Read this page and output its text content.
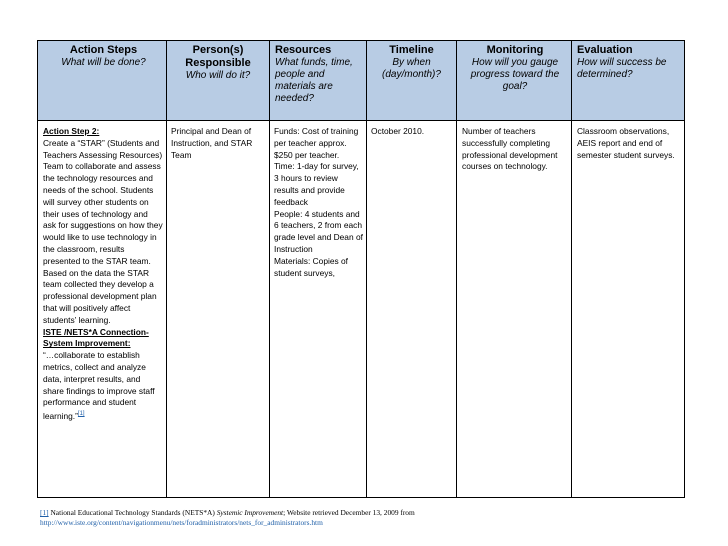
Action Steps
What will be done?
Person(s) Responsible
Who will do it?
Resources
What funds, time, people and materials are needed?
Timeline
By when (day/month)?
Monitoring
How will you gauge progress toward the goal?
Evaluation
How will success be determined?
Action Step 2:
Create a “STAR” (Students and Teachers Assessing Resources) Team to collaborate and assess the technology resources and needs of the school. Students will survey other students on their uses of technology and ask for suggestions on how they would like to use technology in the classroom, results presented to the STAR team. Based on the data the STAR team collected they develop a professional development plan that will positively affect students’ learning.
ISTE /NETS*A Connection-System Improvement:
“…collaborate to establish metrics, collect and analyze data, interpret results, and share findings to improve staff performance and student learning.”[1]
Principal and Dean of Instruction, and STAR Team
Funds: Cost of training per teacher approx. $250 per teacher.
Time: 1-day for survey, 3 hours to review results and provide feedback
People: 4 students and 6 teachers, 2 from each grade level and Dean of Instruction
Materials: Copies of student surveys,
October 2010.	Number of teachers successfully completing professional development courses on technology.
Classroom observations, AEIS report and end of semester student surveys.
[1] National Educational Technology Standards (NETS*A) Systemic Improvement; Website retrieved December 13, 2009 from
http://www.iste.org/content/navigationmenu/nets/foradministrators/nets_for_administrators.htm
